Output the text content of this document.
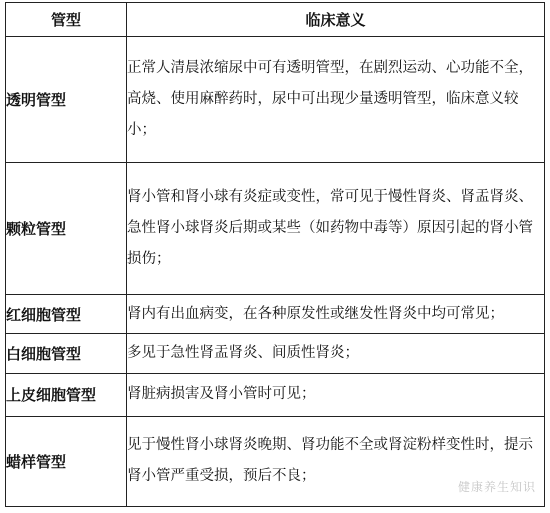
管型	临床意义
透明管型	正常人清晨浓缩尿中可有透明管型，在剧烈运动、心功能不全，高烧、使用麻醉药时，尿中可出现少量透明管型，临床意义较小；
颗粒管型	肾小管和肾小球有炎症或变性，常可见于慢性肾炎、肾盂肾炎、急性肾小球肾炎后期或某些（如药物中毒等）原因引起的肾小管损伤；
红细胞管型	肾内有出血病变，在各种原发性或继发性肾炎中均可常见；
白细胞管型	多见于急性肾盂肾炎、间质性肾炎；
上皮细胞管型	肾脏病损害及肾小管时可见；
蜡样管型	见于慢性肾小球肾炎晚期、肾功能不全或肾淀粉样变性时，提示肾小管严重受损，预后不良；
健康养生知识
